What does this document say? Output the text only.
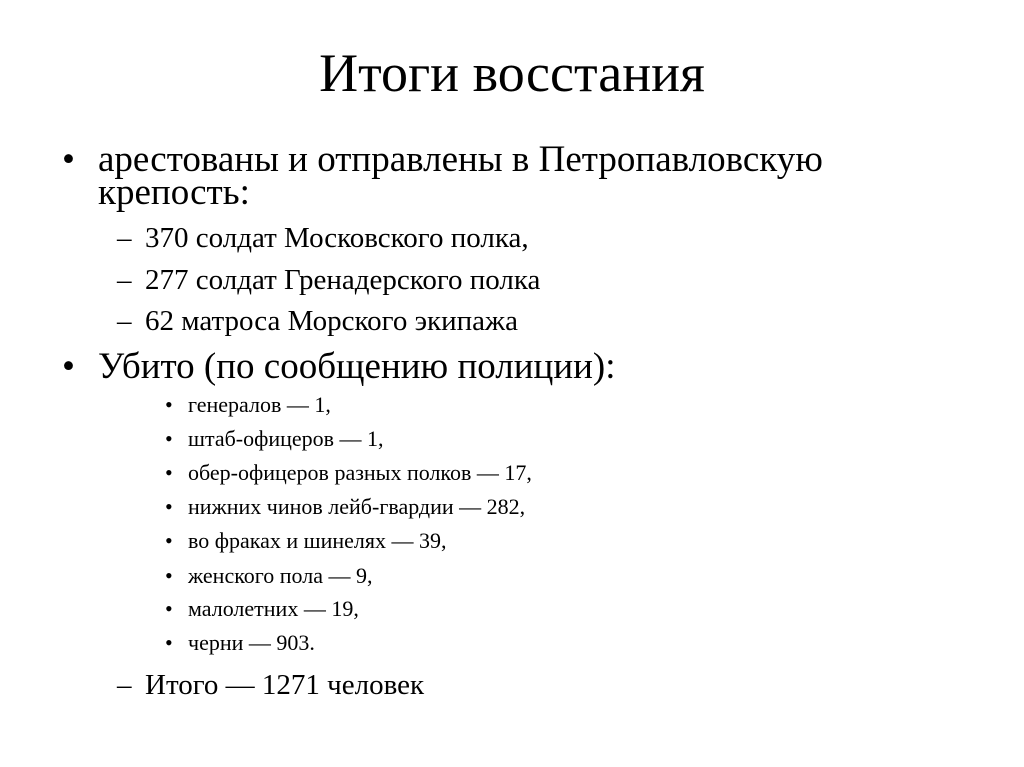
Итоги восстания
• арестованы и отправлены в Петропавловскую
крепость:
– 370 солдат Московского полка,
– 277 солдат Гренадерского полка
– 62 матроса Морского экипажа
• Убито (по сообщению полиции):
• генералов — 1,
• штаб-офицеров — 1,
• обер-офицеров разных полков — 17,
• нижних чинов лейб-гвардии — 282,
• во фраках и шинелях — 39,
• женского пола — 9,
• малолетних — 19,
• черни — 903.
– Итого — 1271 человек
